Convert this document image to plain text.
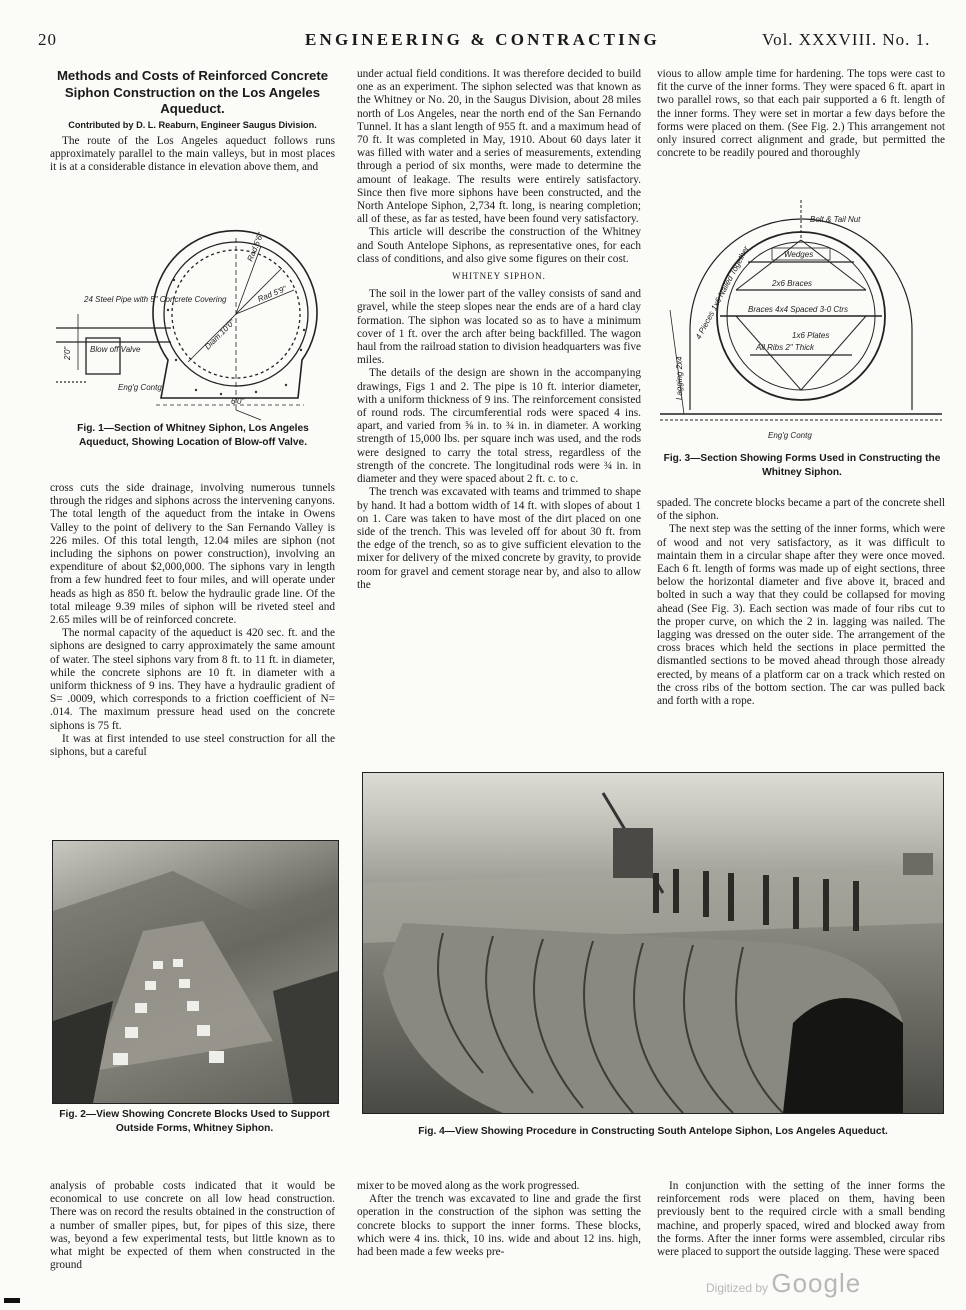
20	ENGINEERING & CONTRACTING	Vol. XXXVIII. No. 1.
Methods and Costs of Reinforced Concrete Siphon Construction on the Los Angeles Aqueduct.
Contributed by D. L. Reaburn, Engineer Saugus Division.

The route of the Los Angeles aqueduct follows runs approximately parallel to the main valleys, but in most places it is at a considerable distance in elevation above them, and

24 Steel Pipe with 5" Concrete Covering
Blow off Valve
Rad.5'6"
Rad 5'9"
Diam.10'0"
2'0"
6'0"
Eng'g Contg
Fig. 1—Section of Whitney Siphon, Los Angeles Aqueduct, Showing Location of Blow-off Valve.

cross cuts the side drainage, involving numerous tunnels through the ridges and siphons across the intervening canyons. The total length of the aqueduct from the intake in Owens Valley to the point of delivery to the San Fernando Valley is 226 miles. Of this total length, 12.04 miles are siphon (not including the siphons on power construction), involving an expenditure of about $2,000,000. The siphons vary in length from a few hundred feet to four miles, and will operate under heads as high as 850 ft. below the hydraulic grade line. Of the total mileage 9.39 miles of siphon will be riveted steel and 2.65 miles will be of reinforced concrete.

The normal capacity of the aqueduct is 420 sec. ft. and the siphons are designed to carry approximately the same amount of water. The steel siphons vary from 8 ft. to 11 ft. in diameter, while the concrete siphons are 10 ft. in diameter with a uniform thickness of 9 ins. They have a hydraulic gradient of S= .0009, which corresponds to a friction coefficient of N= .014. The maximum pressure head used on the concrete siphons is 75 ft.

It was at first intended to use steel construction for all the siphons, but a careful

under actual field conditions. It was therefore decided to build one as an experiment. The siphon selected was that known as the Whitney or No. 20, in the Saugus Division, about 28 miles north of Los Angeles, near the north end of the San Fernando Tunnel. It has a slant length of 955 ft. and a maximum head of 70 ft. It was completed in May, 1910. About 60 days later it was filled with water and a series of measurements, extending through a period of six months, were made to determine the amount of leakage. The results were entirely satisfactory. Since then five more siphons have been constructed, and the North Antelope Siphon, 2,734 ft. long, is nearing completion; all of these, as far as tested, have been found very satisfactory.

This article will describe the construction of the Whitney and South Antelope Siphons, as representative ones, for each class of conditions, and also give some figures on their cost.

WHITNEY SIPHON.

The soil in the lower part of the valley consists of sand and gravel, while the steep slopes near the ends are of a hard clay formation. The siphon was located so as to have a minimum cover of 1 ft. over the arch after being backfilled. The wagon haul from the railroad station to division headquarters was five miles.

The details of the design are shown in the accompanying drawings, Figs 1 and 2. The pipe is 10 ft. interior diameter, with a uniform thickness of 9 ins. The reinforcement consisted of round rods. The circumferential rods were spaced 4 ins. apart, and varied from ⅝ in. to ¾ in. in diameter. A working strength of 15,000 lbs. per square inch was used, and the rods were designed to carry the total stress, regardless of the strength of the concrete. The longitudinal rods were ¾ in. in diameter and they were spaced about 2 ft. c. to c.

The trench was excavated with teams and trimmed to shape by hand. It had a bottom width of 14 ft. with slopes of about 1 on 1. Care was taken to have most of the dirt placed on one side of the trench. This was leveled off for about 30 ft. from the edge of the trench, so as to give sufficient elevation to the mixer for delivery of the mixed concrete by gravity, to provide room for gravel and cement storage near by, and also to allow the

vious to allow ample time for hardening. The tops were cast to fit the curve of the inner forms. They were spaced 6 ft. apart in two parallel rows, so that each pair supported a 6 ft. length of the inner forms. They were set in mortar a few days before the forms were placed on them. (See Fig. 2.) This arrangement not only insured correct alignment and grade, but permitted the concrete to be readily poured and thoroughly

Bolt & Tail Nut
4 Pieces 1x6 Nailed Together	Wedges
2x6 Braces
Braces 4x4 Spaced 3-0 Ctrs
1x6 Plates
All Ribs 2" Thick
Lagging 2x4
Eng'g Contg
Fig. 3—Section Showing Forms Used in Constructing the Whitney Siphon.

spaded. The concrete blocks became a part of the concrete shell of the siphon.

The next step was the setting of the inner forms, which were of wood and not very satisfactory, as it was difficult to maintain them in a circular shape after they were once moved. Each 6 ft. length of forms was made up of eight sections, three below the horizontal diameter and five above it, braced and bolted in such a way that they could be collapsed for moving ahead (See Fig. 3). Each section was made of four ribs cut to the proper curve, on which the 2 in. lagging was nailed. The lagging was dressed on the outer side. The arrangement of the cross braces which held the sections in place permitted the dismantled sections to be moved ahead through those already erected, by means of a platform car on a track which rested on the cross ribs of the bottom section. The car was pulled back and forth with a rope.

Fig. 2—View Showing Concrete Blocks Used to Support Outside Forms, Whitney Siphon.	Fig. 4—View Showing Procedure in Constructing South Antelope Siphon, Los Angeles Aqueduct.

analysis of probable costs indicated that it would be economical to use concrete on all low head construction. There was on record the results obtained in the construction of a number of smaller pipes, but, for pipes of this size, there was, beyond a few experimental tests, but little known as to what might be expected of them when constructed in the ground

mixer to be moved along as the work progressed.

After the trench was excavated to line and grade the first operation in the construction of the siphon was setting the concrete blocks to support the inner forms. These blocks, which were 4 ins. thick, 10 ins. wide and about 12 ins. high, had been made a few weeks pre-

In conjunction with the setting of the inner forms the reinforcement rods were placed on them, having been previously bent to the required circle with a small bending machine, and properly spaced, wired and blocked away from the forms. After the inner forms were assembled, circular ribs were placed to support the outside lagging. These were spaced

Digitized by Google
